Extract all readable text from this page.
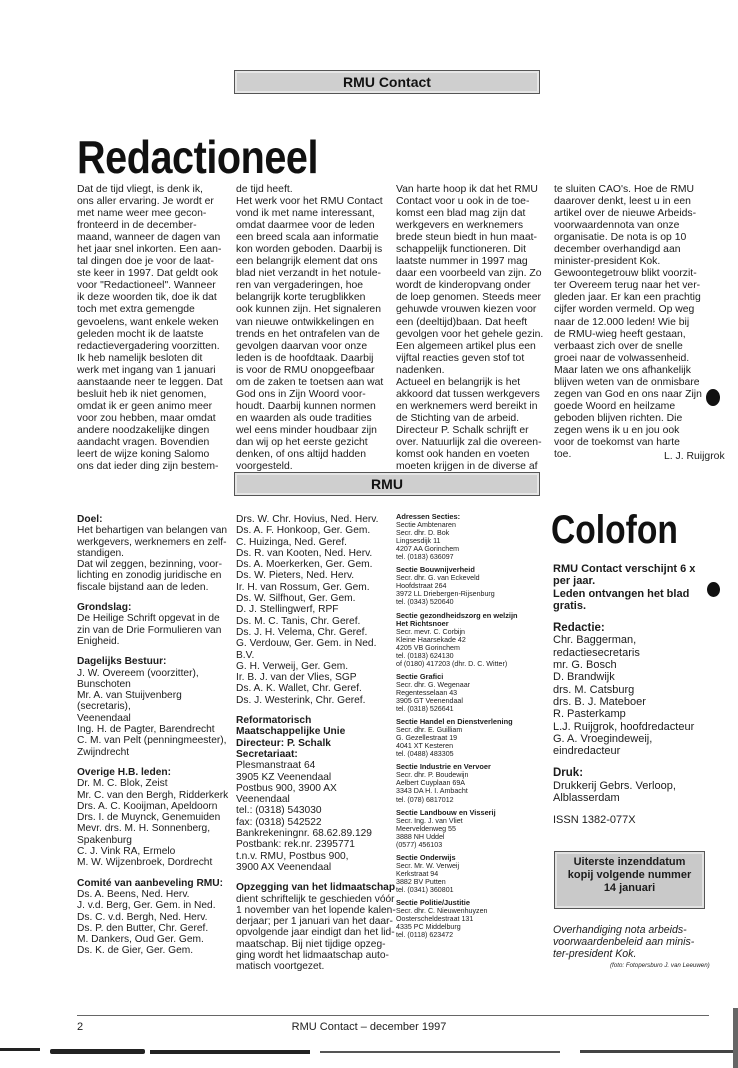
RMU Contact
Redactioneel
Dat de tijd vliegt, is denk ik,
ons aller ervaring. Je wordt er
met name weer mee gecon-
fronteerd in de december-
maand, wanneer de dagen van
het jaar snel inkorten. Een aan-
tal dingen doe je voor de laat-
ste keer in 1997. Dat geldt ook
voor "Redactioneel". Wanneer
ik deze woorden tik, doe ik dat
toch met extra gemengde
gevoelens, want enkele weken
geleden mocht ik de laatste
redactievergadering voorzitten.
Ik heb namelijk besloten dit
werk met ingang van 1 januari
aanstaande neer te leggen. Dat
besluit heb ik niet genomen,
omdat ik er geen animo meer
voor zou hebben, maar omdat
andere noodzakelijke dingen
aandacht vragen. Bovendien
leert de wijze koning Salomo
ons dat ieder ding zijn bestem-
de tijd heeft.
Het werk voor het RMU Contact
vond ik met name interessant,
omdat daarmee voor de leden
een breed scala aan informatie
kon worden geboden. Daarbij is
een belangrijk element dat ons
blad niet verzandt in het notule-
ren van vergaderingen, hoe
belangrijk korte terugblikken
ook kunnen zijn. Het signaleren
van nieuwe ontwikkelingen en
trends en het ontrafelen van de
gevolgen daarvan voor onze
leden is de hoofdtaak. Daarbij
is voor de RMU onopgeefbaar
om de zaken te toetsen aan wat
God ons in Zijn Woord voor-
houdt. Daarbij kunnen normen
en waarden als oude tradities
wel eens minder houdbaar zijn
dan wij op het eerste gezicht
denken, of ons altijd hadden
voorgesteld.
Van harte hoop ik dat het RMU
Contact voor u ook in de toe-
komst een blad mag zijn dat
werkgevers en werknemers
brede steun biedt in hun maat-
schappelijk functioneren. Dit
laatste nummer in 1997 mag
daar een voorbeeld van zijn. Zo
wordt de kinderopvang onder
de loep genomen. Steeds meer
gehuwde vrouwen kiezen voor
een (deeltijd)baan. Dat heeft
gevolgen voor het gehele gezin.
Een algemeen artikel plus een
vijftal reacties geven stof tot
nadenken.
Actueel en belangrijk is het
akkoord dat tussen werkgevers
en werknemers werd bereikt in
de Stichting van de arbeid.
Directeur P. Schalk schrijft er
over. Natuurlijk zal die overeen-
komst ook handen en voeten
moeten krijgen in de diverse af
te sluiten CAO's. Hoe de RMU
daarover denkt, leest u in een
artikel over de nieuwe Arbeids-
voorwaardennota van onze
organisatie. De nota is op 10
december overhandigd aan
minister-president Kok.
Gewoontegetrouw blikt voorzit-
ter Overeem terug naar het ver-
gleden jaar. Er kan een prachtig
cijfer worden vermeld. Op weg
naar de 12.000 leden! Wie bij
de RMU-wieg heeft gestaan,
verbaast zich over de snelle
groei naar de volwassenheid.
Maar laten we ons afhankelijk
blijven weten van de onmisbare
zegen van God en ons naar Zijn
goede Woord en heilzame
geboden blijven richten. Die
zegen wens ik u en jou ook
voor de toekomst van harte
toe.	L. J. Ruijgrok
RMU
Doel:
Het behartigen van belangen van
werkgevers, werknemers en zelf-
standigen.
Dat wil zeggen, bezinning, voor-
lichting en zonodig juridische en
fiscale bijstand aan de leden.
Grondslag:
De Heilige Schrift opgevat in de
zin van de Drie Formulieren van
Enigheid.
Dagelijks Bestuur:
J. W. Overeem (voorzitter),
Bunschoten
Mr. A. van Stuijvenberg
(secretaris),
Veenendaal
Ing. H. de Pagter, Barendrecht
C. M. van Pelt (penningmeester),
Zwijndrecht
Overige H.B. leden:
Dr. M. C. Blok, Zeist
Mr. C. van den Bergh, Ridderkerk
Drs. A. C. Kooijman, Apeldoorn
Drs. I. de Muynck, Genemuiden
Mevr. drs. M. H. Sonnenberg,
Spakenburg
C. J. Vink RA, Ermelo
M. W. Wijzenbroek, Dordrecht
Comité van aanbeveling RMU:
Ds. A. Beens, Ned. Herv.
J. v.d. Berg, Ger. Gem. in Ned.
Ds. C. v.d. Bergh, Ned. Herv.
Ds. P. den Butter, Chr. Geref.
M. Dankers, Oud Ger. Gem.
Ds. K. de Gier, Ger. Gem.
Drs. W. Chr. Hovius, Ned. Herv.
Ds. A. F. Honkoop, Ger. Gem.
C. Huizinga, Ned. Geref.
Ds. R. van Kooten, Ned. Herv.
Ds. A. Moerkerken, Ger. Gem.
Ds. W. Pieters, Ned. Herv.
Ir. H. van Rossum, Ger. Gem.
Ds. W. Silfhout, Ger. Gem.
D. J. Stellingwerf, RPF
Ds. M. C. Tanis, Chr. Geref.
Ds. J. H. Velema, Chr. Geref.
G. Verdouw, Ger. Gem. in Ned.
B.V.
G. H. Verweij, Ger. Gem.
Ir. B. J. van der Vlies, SGP
Ds. A. K. Wallet, Chr. Geref.
Ds. J. Westerink, Chr. Geref.
Reformatorisch
Maatschappelijke Unie
Directeur: P. Schalk
Secretariaat:
Plesmanstraat 64
3905 KZ Veenendaal
Postbus 900, 3900 AX
Veenendaal
tel.: (0318) 543030
fax: (0318) 542522
Bankrekeningnr. 68.62.89.129
Postbank: rek.nr. 2395771
t.n.v. RMU, Postbus 900,
3900 AX Veenendaal
Opzegging van het lidmaatschap
dient schriftelijk te geschieden vóór
1 november van het lopende kalen-
derjaar; per 1 januari van het daar-
opvolgende jaar eindigt dan het lid-
maatschap. Bij niet tijdige opzeg-
ging wordt het lidmaatschap auto-
matisch voortgezet.
Adressen Secties:
Sectie Ambtenaren
Secr. dhr. D. Bok
Lingsesdijk 11
4207 AA Gorinchem
tel. (0183) 636097
Sectie Bouwnijverheid
Secr. dhr. G. van Eckeveld
Hoofdstraat 264
3972 LL Driebergen-Rijsenburg
tel. (0343) 520640
Sectie gezondheidszorg en welzijn
Het Richtsnoer
Secr. mevr. C. Corbijn
Kleine Haarsekade 42
4205 VB Gorinchem
tel. (0183) 624130
of (0180) 417203 (dhr. D. C. Witter)
Sectie Grafici
Secr. dhr. G. Wegenaar
Regentesselaan 43
3905 GT Veenendaal
tel. (0318) 526641
Sectie Handel en Dienstverlening
Secr. dhr. E. Guilliam
G. Gezellestraat 19
4041 XT Kesteren
tel. (0488) 483305
Sectie Industrie en Vervoer
Secr. dhr. P. Boudewijn
Aelbert Cuyplaan 69A
3343 DA H. I. Ambacht
tel. (078) 6817012
Sectie Landbouw en Visserij
Secr. Ing. J. van Vliet
Meerveldenweg 55
3888 NH Uddel
(0577) 456103
Sectie Onderwijs
Secr. Mr. W. Verweij
Kerkstraat 94
3882 BV Putten
tel. (0341) 360801
Sectie Politie/Justitie
Secr. dhr. C. Nieuwenhuyzen
Oosterscheldestraat 131
4335 PC Middelburg
tel. (0118) 623472
Colofon
RMU Contact verschijnt 6 x
per jaar.
Leden ontvangen het blad
gratis.
Redactie:
Chr. Baggerman,
redactiesecretaris
mr. G. Bosch
D. Brandwijk
drs. M. Catsburg
drs. B. J. Mateboer
R. Pasterkamp
L.J. Ruijgrok, hoofdredacteur
G. A. Vroegindeweij,
eindredacteur
Druk:
Drukkerij Gebrs. Verloop,
Alblasserdam
ISSN 1382-077X
Uiterste inzenddatum
kopij volgende nummer
14 januari
Overhandiging nota arbeids-
voorwaardenbeleid aan minis-
ter-president Kok.
(foto: Fotopersburo J. van Leeuwen)
2	RMU Contact – december 1997
